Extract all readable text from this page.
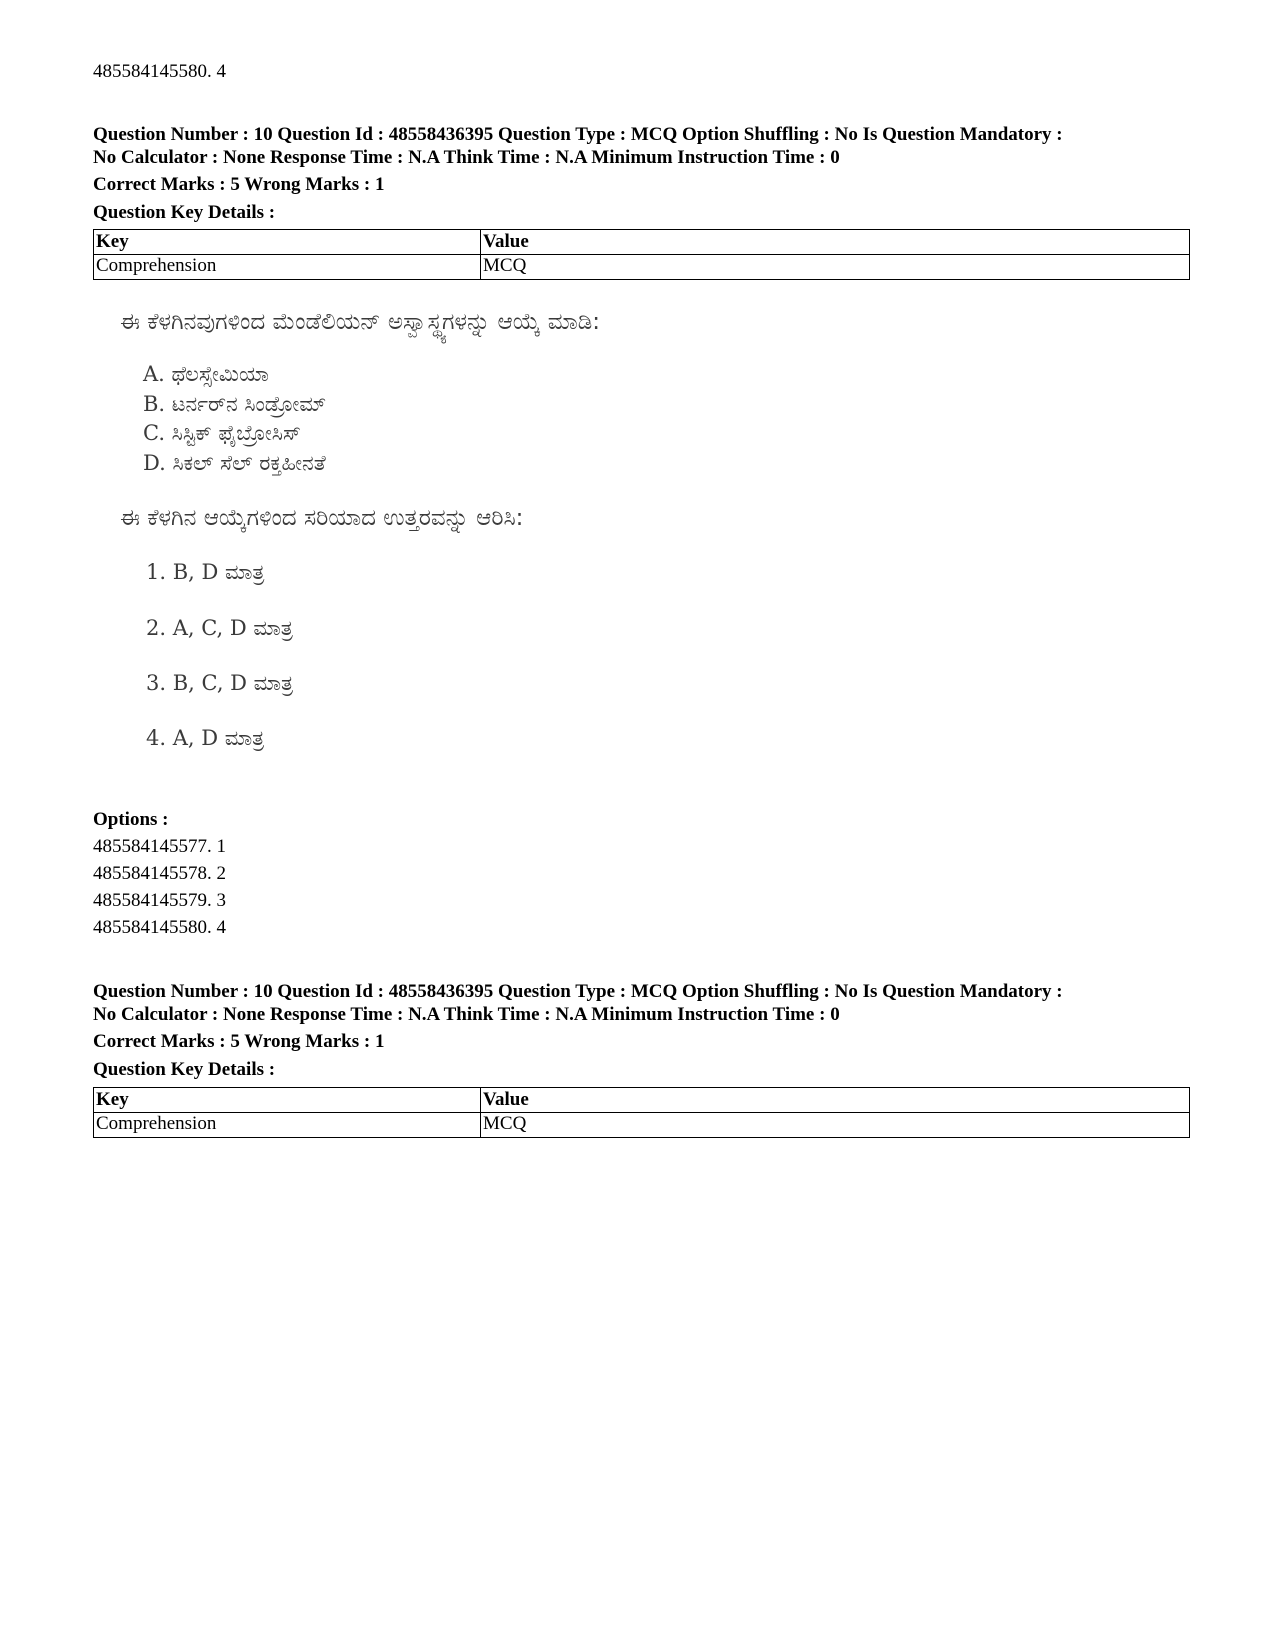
485584145580. 4
Question Number : 10 Question Id : 48558436395 Question Type : MCQ Option Shuffling : No Is Question Mandatory :
No Calculator : None Response Time : N.A Think Time : N.A Minimum Instruction Time : 0
Correct Marks : 5 Wrong Marks : 1
Question Key Details :
Key	Value
Comprehension	MCQ
ಈ ಕೆಳಗಿನವುಗಳಿಂದ ಮೆಂಡೆಲಿಯನ್ ಅಸ್ವಾಸ್ಥ್ಯಗಳನ್ನು ಆಯ್ಕೆ ಮಾಡಿ:
A. ಥೆಲಸ್ಸೇಮಿಯಾ
B. ಟರ್ನರ್‌ನ ಸಿಂಡ್ರೋಮ್
C. ಸಿಸ್ಟಿಕ್ ಫೈಬ್ರೋಸಿಸ್
D. ಸಿಕಲ್ ಸೆಲ್ ರಕ್ತಹೀನತೆ
ಈ ಕೆಳಗಿನ ಆಯ್ಕೆಗಳಿಂದ ಸರಿಯಾದ ಉತ್ತರವನ್ನು ಆರಿಸಿ:
1. B, D ಮಾತ್ರ
2. A, C, D ಮಾತ್ರ
3. B, C, D ಮಾತ್ರ
4. A, D ಮಾತ್ರ
Options :
485584145577. 1
485584145578. 2
485584145579. 3
485584145580. 4
Question Number : 10 Question Id : 48558436395 Question Type : MCQ Option Shuffling : No Is Question Mandatory :
No Calculator : None Response Time : N.A Think Time : N.A Minimum Instruction Time : 0
Correct Marks : 5 Wrong Marks : 1
Question Key Details :
Key	Value
Comprehension	MCQ
